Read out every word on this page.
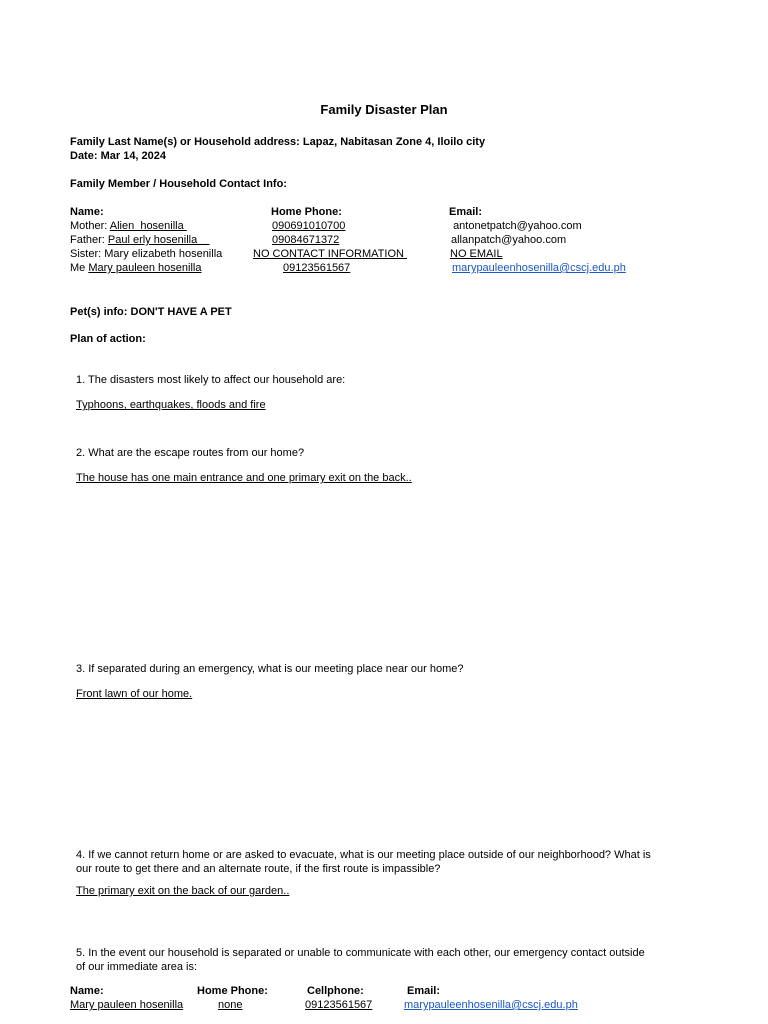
Family Disaster Plan
Family Last Name(s) or Household address: Lapaz, Nabitasan Zone 4, Iloilo city
Date: Mar 14, 2024
Family Member / Household Contact Info:
Name:	Home Phone:	Email:
Mother: Alien  hosenilla	090691010700	antonetpatch@yahoo.com
Father: Paul erly hosenilla	09084671372	allanpatch@yahoo.com
Sister: Mary elizabeth hosenilla	NO CONTACT INFORMATION	NO EMAIL
Me Mary pauleen hosenilla	09123561567	marypauleenhosenilla@cscj.edu.ph
Pet(s) info: DON'T HAVE A PET
Plan of action:
1. The disasters most likely to affect our household are:
Typhoons, earthquakes, floods and fire
2. What are the escape routes from our home?
The house has one main entrance and one primary exit on the back..
3. If separated during an emergency, what is our meeting place near our home?
Front lawn of our home.
4. If we cannot return home or are asked to evacuate, what is our meeting place outside of our neighborhood? What is our route to get there and an alternate route, if the first route is impassible?
The primary exit on the back of our garden..
5. In the event our household is separated or unable to communicate with each other, our emergency contact outside of our immediate area is:
Name:	Home Phone:	Cellphone:	Email:
Mary pauleen hosenilla	none	09123561567	marypauleenhosenilla@cscj.edu.ph
